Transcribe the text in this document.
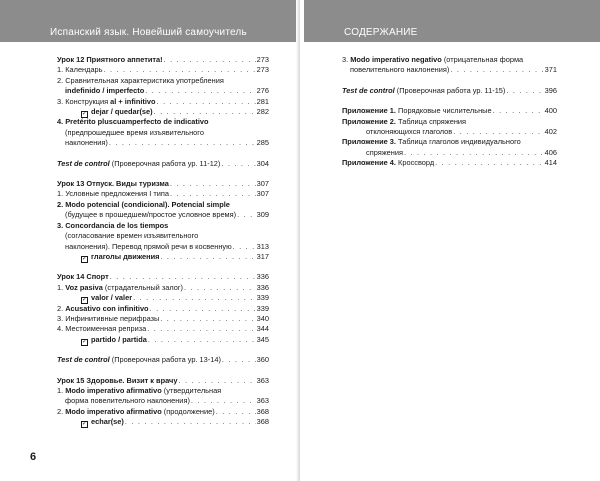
Испанский язык. Новейший самоучитель
Урок 12 Приятного аппетита! . . .	273
1. Календарь . . .	273
2. Сравнительная характеристика употребления
indefinido / imperfecto . . .	276
3. Конструкция al + infinitivo . . .	281
✓ dejar / quedar(se) . . .	282
4. Pretérito pluscuamperfecto de indicativo
(предпрошедшее время изъявительного
наклонения) . . .	285
Test de control (Проверочная работа ур. 11-12) . . .	304
Урок 13 Отпуск. Виды туризма . . .	307
1. Условные предложения I типа . . .	307
2. Modo potencial (condicional). Potencial simple
(будущее в прошедшем/простое условное время) . . .	309
3. Concordancia de los tiempos
(согласование времен изъявительного
наклонения). Перевод прямой речи в косвенную . . .	313
✓ глаголы движения . . .	317
Урок 14 Спорт . . .	336
1. Voz pasiva (страдательный залог) . . .	336
✓ valor / valer . . .	339
2. Acusativo con infinitivo . . .	339
3. Инфинитивные перифразы . . .	340
4. Местоименная реприза . . .	344
✓ partido / partida . . .	345
Test de control (Проверочная работа ур. 13-14) . . .	360
Урок 15 Здоровье. Визит к врачу . . .	363
1. Modo imperativo afirmativo (утвердительная
форма повелительного наклонения) . . .	363
2. Modo imperativo afirmativo (продолжение) . . .	368
✓ echar(se) . . .	368
6
СОДЕРЖАНИЕ
3. Modo imperativo negativo (отрицательная форма
повелительного наклонения) . . .	371
Test de control (Проверочная работа ур. 11-15) . . .	396
Приложение 1. Порядковые числительные . . .	400
Приложение 2. Таблица спряжения
отклоняющихся глаголов . . .	402
Приложение 3. Таблица глаголов индивидуального
спряжения . . .	406
Приложение 4. Кроссворд . . .	414
